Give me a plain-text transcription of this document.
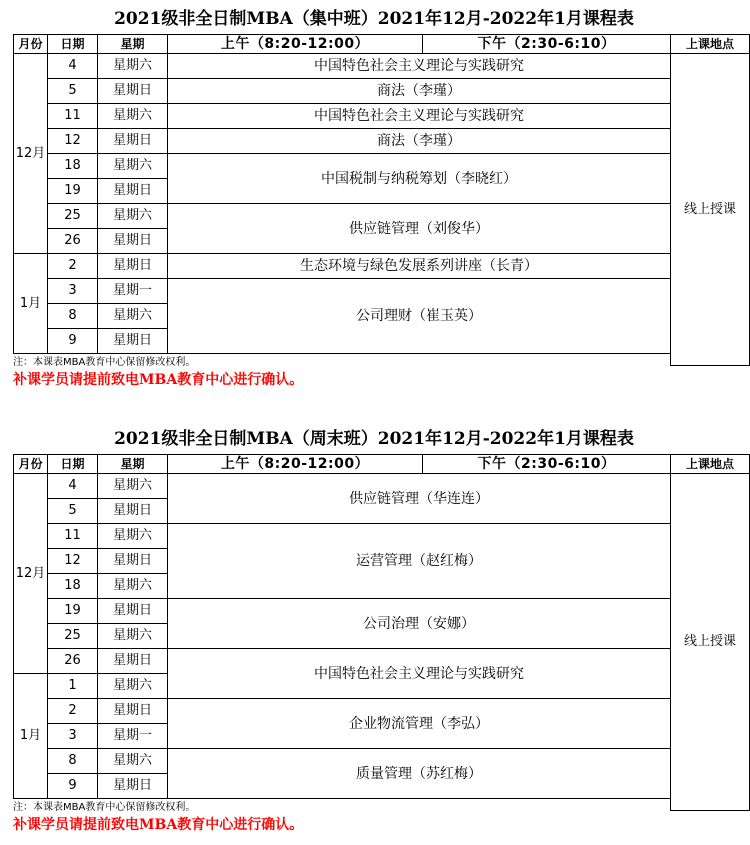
2021级非全日制MBA（集中班）2021年12月-2022年1月课程表
月份	日期	星期	上午（8:20-12:00）	下午（2:30-6:10）
12月	4	星期六	中国特色社会主义理论与实践研究	
	5	星期日	商法（李瑾）	
	11	星期六	中国特色社会主义理论与实践研究	
	12	星期日	商法（李瑾）	
	18	星期六	中国税制与纳税筹划（李晓红）	
	19	星期日		
	25	星期六	供应链管理（刘俊华）	
	26	星期日		
1月	2	星期日	生态环境与绿色发展系列讲座（长青）	
	3	星期一	公司理财（崔玉英）	
	8	星期六		
	9	星期日		
上课地点
线上授课
注：本课表MBA教育中心保留修改权利。
补课学员请提前致电MBA教育中心进行确认。
2021级非全日制MBA（周末班）2021年12月-2022年1月课程表
月份	日期	星期	上午（8:20-12:00）	下午（2:30-6:10）
12月	4	星期六	供应链管理（华连连）	
	5	星期日		
	11	星期六	运营管理（赵红梅）	
	12	星期日		
	18	星期六		
	19	星期日	公司治理（安娜）	
	25	星期六		
	26	星期日	中国特色社会主义理论与实践研究	
1月	1	星期六		
	2	星期日	企业物流管理（李弘）	
	3	星期一		
	8	星期六	质量管理（苏红梅）	
	9	星期日		
上课地点
线上授课
注：本课表MBA教育中心保留修改权利。
补课学员请提前致电MBA教育中心进行确认。
